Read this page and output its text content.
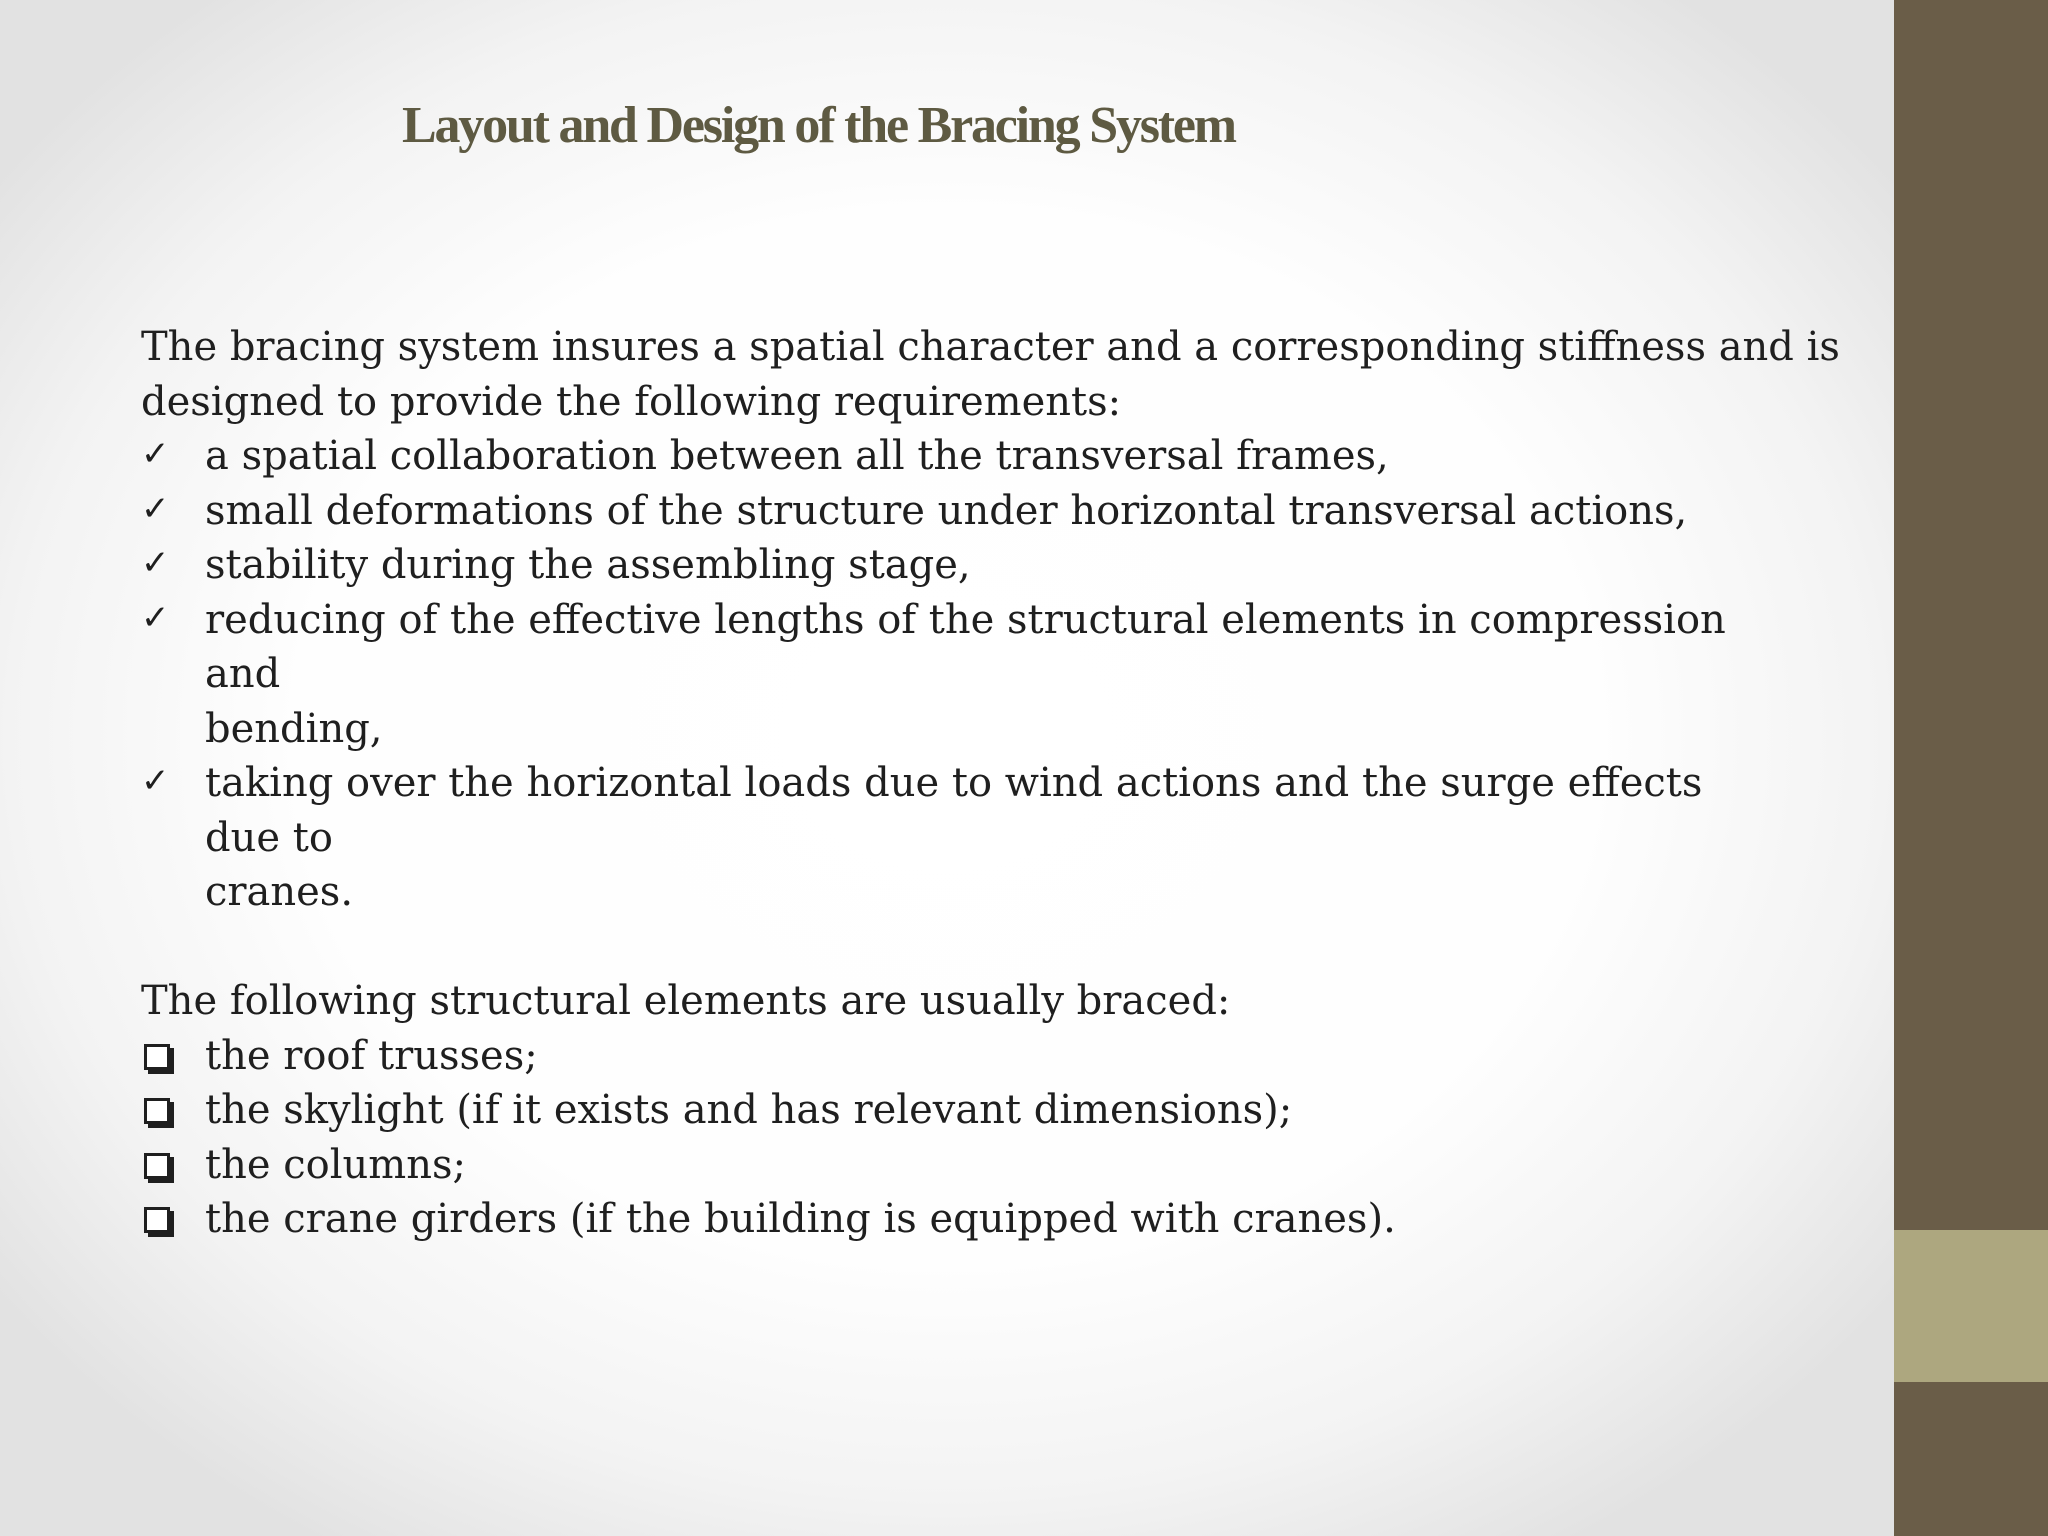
Layout and Design of the Bracing System

The bracing system insures a spatial character and a corresponding stiffness and is

designed to provide the following requirements:

✓ a spatial collaboration between all the transversal frames,
✓ small deformations of the structure under horizontal transversal actions,
✓ stability during the assembling stage,
✓ reducing of the effective lengths of the structural elements in compression and
bending,
✓ taking over the horizontal loads due to wind actions and the surge effects due to
cranes.

The following structural elements are usually braced:

the roof trusses;
the skylight (if it exists and has relevant dimensions);
the columns;
the crane girders (if the building is equipped with cranes).
